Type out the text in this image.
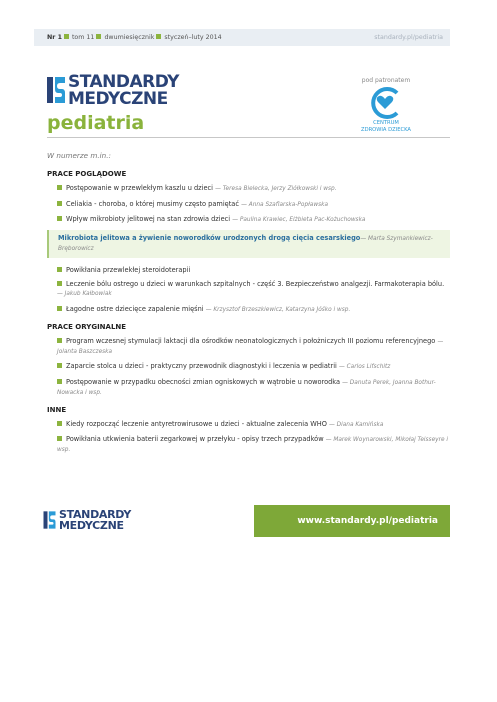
Nr 1 tom 11 dwumiesięcznik styczeń–luty 2014	standardy.pl/pediatria
STANDARDY
MEDYCZNE
pediatria
pod patronatem
CENTRUM
ZDROWIA DZIECKA
W numerze m.in.:
PRACE POGLĄDOWE
Postępowanie w przewlekłym kaszlu u dzieci — Teresa Bielecka, Jerzy Ziółkowski i wsp.
Celiakia - choroba, o której musimy często pamiętać — Anna Szaflarska-Popławska
Wpływ mikrobioty jelitowej na stan zdrowia dzieci — Paulina Krawiec, Elżbieta Pac-Kożuchowska
Mikrobiota jelitowa a żywienie noworodków urodzonych drogą cięcia cesarskiego— Marta Szymankiewicz-Bręborowicz
Powikłania przewlekłej steroidoterapii
Leczenie bólu ostrego u dzieci w warunkach szpitalnych - część 3. Bezpieczeństwo analgezji. Farmakoterapia bólu. — Jakub Kałbowiak
Łagodne ostre dziecięce zapalenie mięśni — Krzysztof Brzeszkiewicz, Katarzyna Jóśko i wsp.
PRACE ORYGINALNE
Program wczesnej stymulacji laktacji dla ośrodków neonatologicznych i położniczych III poziomu referencyjnego — Jolanta Baszczeska
Zaparcie stolca u dzieci - praktyczny przewodnik diagnostyki i leczenia w pediatrii — Carlos Lifschitz
Postępowanie w przypadku obecności zmian ogniskowych w wątrobie u noworodka — Danuta Perek, Joanna Bothur-Nowacka i wsp.
INNE
Kiedy rozpocząć leczenie antyretrowirusowe u dzieci - aktualne zalecenia WHO — Diana Kamińska
Powikłania utkwienia baterii zegarkowej w przełyku - opisy trzech przypadków — Marek Woynarowski, Mikołaj Teisseyre i wsp.
STANDARDY
MEDYCZNE	www.standardy.pl/pediatria
